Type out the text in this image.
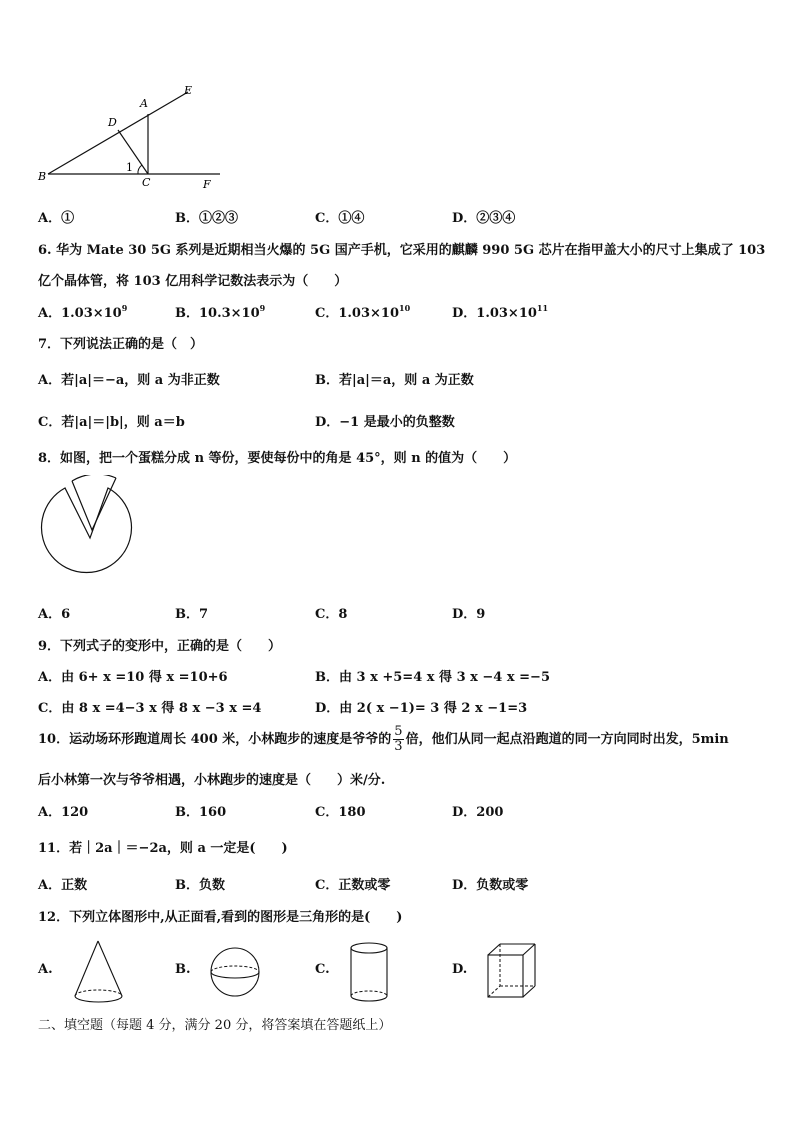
E
A
D
B
1
C	F
A．①	B．①②③	C．①④	D．②③④
6. 华为 Mate 30 5G 系列是近期相当火爆的 5G 国产手机，它采用的麒麟 990 5G 芯片在指甲盖大小的尺寸上集成了 103
亿个晶体管，将 103 亿用科学记数法表示为（　　）
A．$1.03\times 10^9$	B．$10.3\times 10^9$	C．$1.03\times 10^{10}$	D．$1.03\times 10^{11}$
7．下列说法正确的是（　）
A．若|a|＝−a，则 a 为非正数	B．若|a|＝a，则 a 为正数
C．若|a|＝|b|，则 a＝b	D．−1 是最小的负整数
8．如图，把一个蛋糕分成 n 等份，要使每份中的角是 45°，则 n 的值为（　　）
A．6	B．7	C．8	D．9
9．下列式子的变形中，正确的是（　　）
A．由 6+ x =10 得 x =10+6	B．由 3 x +5=4 x 得 3 x −4 x =−5
C．由 8 x =4−3 x 得 8 x −3 x =4	D．由 2( x −1)= 3 得 2 x −1=3
10．运动场环形跑道周长 400 米，小林跑步的速度是爷爷的 $\frac{5}{3}$ 倍，他们从同一起点沿跑道的同一方向同时出发，5min
后小林第一次与爷爷相遇，小林跑步的速度是（　　）米/分.
A．120	B．160	C．180	D．200
11．若｜2a｜＝−2a，则 a 一定是(　　)
A．正数	B．负数	C．正数或零	D．负数或零
12．下列立体图形中,从正面看,看到的图形是三角形的是(　　)
A.	B.	C.	D.
二、填空题（每题 4 分，满分 20 分，将答案填在答题纸上）
